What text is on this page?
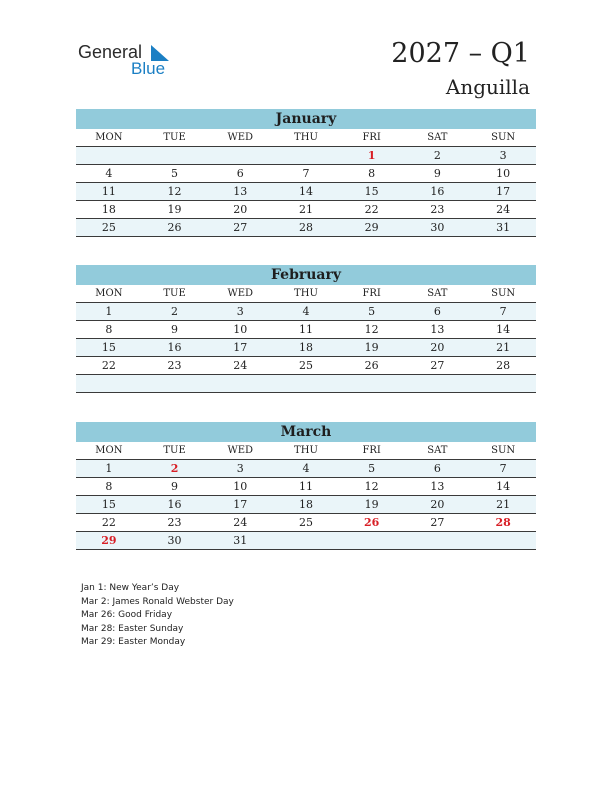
General
Blue	2027 – Q1
Anguilla
January
MON	TUE	WED	THU	FRI	SAT	SUN
				1	2	3
4	5	6	7	8	9	10
11	12	13	14	15	16	17
18	19	20	21	22	23	24
25	26	27	28	29	30	31
February
MON	TUE	WED	THU	FRI	SAT	SUN
1	2	3	4	5	6	7
8	9	10	11	12	13	14
15	16	17	18	19	20	21
22	23	24	25	26	27	28

March
MON	TUE	WED	THU	FRI	SAT	SUN
1	2	3	4	5	6	7
8	9	10	11	12	13	14
15	16	17	18	19	20	21
22	23	24	25	26	27	28
29	30	31				
Jan 1: New Year’s Day
Mar 2: James Ronald Webster Day
Mar 26: Good Friday
Mar 28: Easter Sunday
Mar 29: Easter Monday
